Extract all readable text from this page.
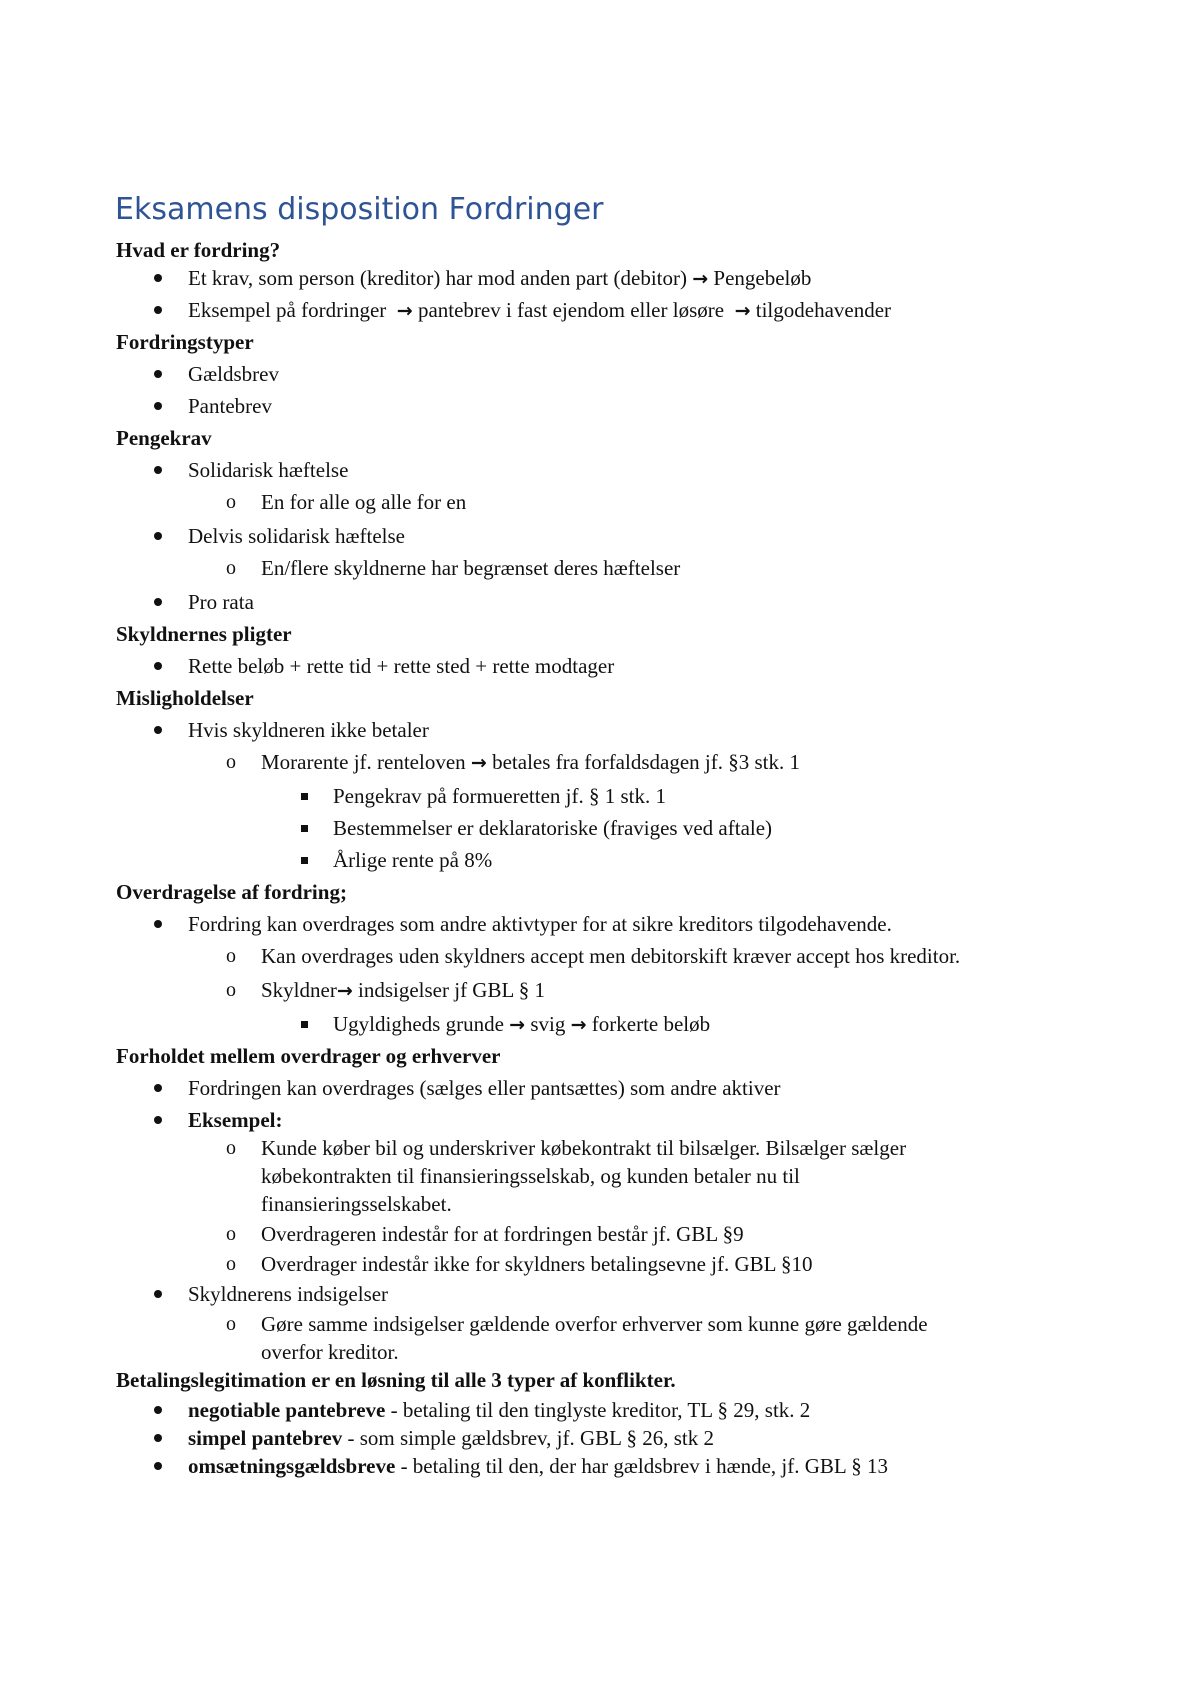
Eksamens disposition Fordringer
Hvad er fordring?
Et krav, som person (kreditor) har mod anden part (debitor) → Pengebeløb
Eksempel på fordringer → pantebrev i fast ejendom eller løsøre → tilgodehavender
Fordringstyper
Gældsbrev
Pantebrev
Pengekrav
Solidarisk hæftelse
o En for alle og alle for en
Delvis solidarisk hæftelse
o En/flere skyldnerne har begrænset deres hæftelser
Pro rata
Skyldnernes pligter
Rette beløb + rette tid + rette sted + rette modtager
Misligholdelser
Hvis skyldneren ikke betaler
o Morarente jf. renteloven → betales fra forfaldsdagen jf. §3 stk. 1
Pengekrav på formueretten jf. § 1 stk. 1
Bestemmelser er deklaratoriske (fraviges ved aftale)
Årlige rente på 8%
Overdragelse af fordring;
Fordring kan overdrages som andre aktivtyper for at sikre kreditors tilgodehavende.
o Kan overdrages uden skyldners accept men debitorskift kræver accept hos kreditor.
o Skyldner→ indsigelser jf GBL § 1
Ugyldigheds grunde → svig → forkerte beløb
Forholdet mellem overdrager og erhverver
Fordringen kan overdrages (sælges eller pantsættes) som andre aktiver
Eksempel:
o Kunde køber bil og underskriver købekontrakt til bilsælger. Bilsælger sælger
købekontrakten til finansieringsselskab, og kunden betaler nu til
finansieringsselskabet.
o Overdrageren indestår for at fordringen består jf. GBL §9
o Overdrager indestår ikke for skyldners betalingsevne jf. GBL §10
Skyldnerens indsigelser
o Gøre samme indsigelser gældende overfor erhverver som kunne gøre gældende
overfor kreditor.
Betalingslegitimation er en løsning til alle 3 typer af konflikter.
negotiable pantebreve - betaling til den tinglyste kreditor, TL § 29, stk. 2
simpel pantebrev - som simple gældsbrev, jf. GBL § 26, stk 2
omsætningsgældsbreve - betaling til den, der har gældsbrev i hænde, jf. GBL § 13
